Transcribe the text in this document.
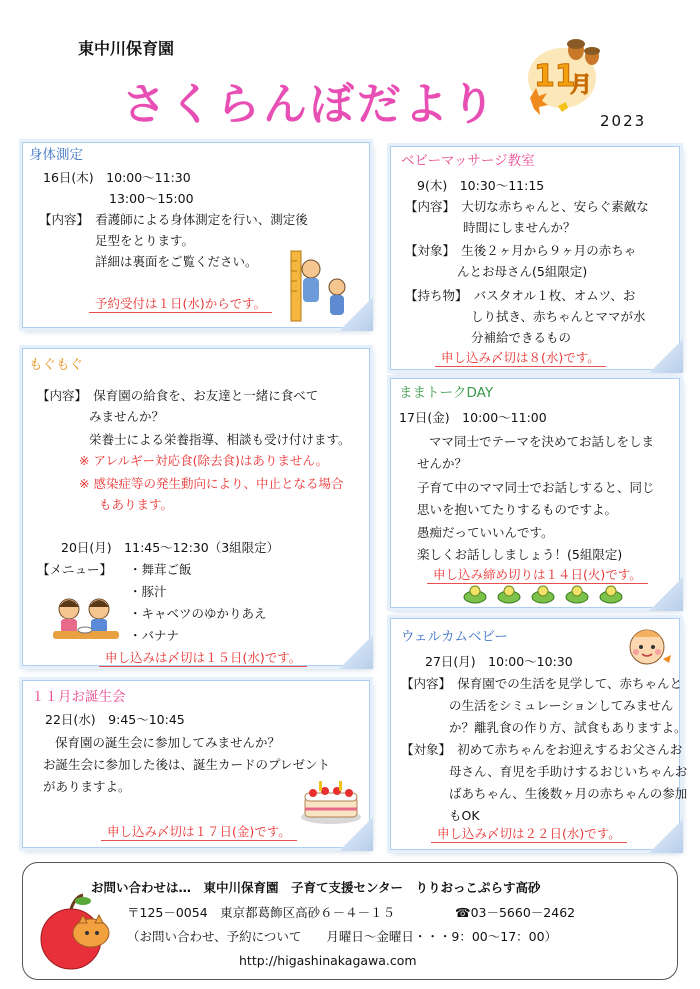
東中川保育園
さくらんぼだより
11
月
2023
身体測定
16日(木)　10:00～11:30
13:00～15:00
【内容】　看護師による身体測定を行い、測定後
足型をとります。
詳細は裏面をご覧ください。
予約受付は１日(水)からです。
ベビーマッサージ教室
9(木)　10:30～11:15
【内容】　大切な赤ちゃんと、安らぐ素敵な
時間にしませんか？
【対象】　生後２ヶ月から９ヶ月の赤ちゃ
んとお母さん(5組限定)
【持ち物】　バスタオル１枚、オムツ、お
しり拭き、赤ちゃんとママが水
分補給できるもの
申し込み〆切は８(水)です。
もぐもぐ
【内容】　保育園の給食を、お友達と一緒に食べて
みませんか？
栄養士による栄養指導、相談も受け付けます。
※ アレルギー対応食(除去食)はありません。
※ 感染症等の発生動向により、中止となる場合
もあります。
20日(月)　11:45～12:30（3組限定）
【メニュー】 ・舞茸ご飯
・豚汁
・キャベツのゆかりあえ
・バナナ
申し込みは〆切は１５日(水)です。
ままトークDAY
17日(金)　10:00～11:00
ママ同士でテーマを決めてお話しをしま
せんか？
子育て中のママ同士でお話しすると、同じ
思いを抱いてたりするものですよ。
愚痴だっていいんです。
楽しくお話ししましょう！(5組限定)
申し込み締め切りは１４日(火)です。
１１月お誕生会
22日(水)　9:45～10:45
保育園の誕生会に参加してみませんか？
お誕生会に参加した後は、誕生カードのプレゼント
がありますよ。
申し込み〆切は１７日(金)です。
ウェルカムベビー
27日(月)　10:00～10:30
【内容】　保育園での生活を見学して、赤ちゃんと
の生活をシミュレーションしてみません
か？離乳食の作り方、試食もありますよ。
【対象】　初めて赤ちゃんをお迎えするお父さんお
母さん、育児を手助けするおじいちゃんお
ばあちゃん、生後数ヶ月の赤ちゃんの参加
もOK
申し込み〆切は２２日(水)です。
お問い合わせは…　東中川保育園　子育て支援センター　りりおっこぷらす高砂
〒125－0054　東京都葛飾区高砂６－４－１５	☎03－5660－2462
（お問い合わせ、予約について　　月曜日～金曜日・・・9：00～17：00）
http://higashinakagawa.com
